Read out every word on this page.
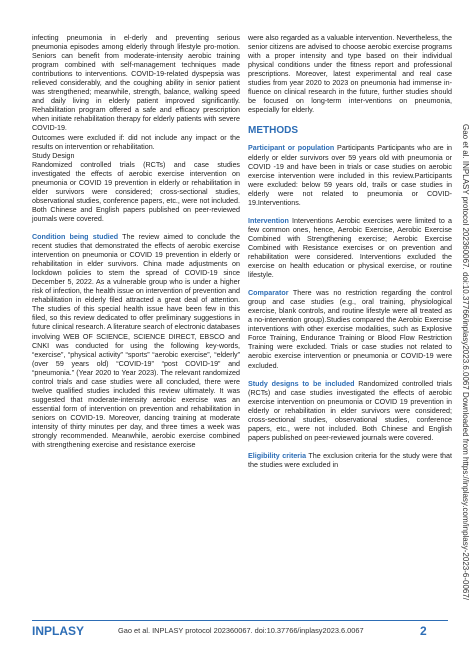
infecting pneumonia in el-derly and preventing serious pneumonia episodes among elderly through lifestyle pro-motion. Seniors can benefit from moderate-intensity aerobic training program combined with self-management techniques made contributions to interventions. COVID-19-related dyspepsia was relieved considerably, and the coughing ability in senior patient was strengthened; meanwhile, strength, balance, walking speed and daily living in elderly patient improved significantly. Rehabilitation program offered a safe and efficacy prescription when initiate rehabilitation therapy for elderly patients with severe COVID-19.

Outcomes were excluded if: did not include any impact or the results on intervention or rehabilitation.

Study Design

Randomized controlled trials (RCTs) and case studies investigated the effects of aerobic exercise intervention on pneumonia or COVID 19 prevention in elderly or rehabilitation in elder survivors were considered; cross-sectional studies, observational studies, conference papers, etc., were not included. Both Chinese and English papers published on peer-reviewed journals were covered.

Condition being studied The review aimed to conclude the recent studies that demonstrated the effects of aerobic exercise intervention on pneumonia or COVID 19 prevention in elderly or rehabilitation in elder survivors. China made adjustments on lockdown policies to stem the spread of COVID-19 since December 5, 2022. As a vulnerable group who is under a higher risk of infection, the health issue on intervention of prevention and rehabilitation in elderly filed attracted a great deal of attention. The studies of this special health issue have been few in this filed, so this review dedicated to offer preliminary suggestions in future clinical research. A literature search of electronic databases involving WEB OF SCIENCE, SCIENCE DIRECT, EBSCO and CNKI was conducted for using the following key-words, “exercise”, “physical activity” “sports” “aerobic exercise”, “elderly” (over 59 years old) “COVID-19” “post COVID-19” and “pneumonia.” (Year 2020 to Year 2023). The relevant randomized control trials and case studies were all concluded, there were twelve qualified studies included this review ultimately. It was suggested that moderate-intensity aerobic exercise was an essential form of intervention on prevention and rehabilitation in seniors on COVID-19. Moreover, dancing training at moderate intensity of thirty minutes per day, and three times a week was strongly recommended. Meanwhile, aerobic exercise combined with strengthening exercise and resistance exercise

were also regarded as a valuable intervention. Nevertheless, the senior citizens are advised to choose aerobic exercise programs with a proper intensity and type based on their individual physical conditions under the fitness report and professional prescriptions. Moreover, latest experimental and real case studies from year 2020 to 2023 on pneumonia had immense in-fluence on clinical research in the future, further studies should be focused on long-term inter-ventions on pneumonia, especially for elderly.

METHODS

Participant or population Participants Participants who are in elderly or elder survivors over 59 years old with pneumonia or COVID -19 and have been in trials or case studies on aerobic exercise intervention were included in this review.Participants were excluded: below 59 years old, trails or case studies in elderly were not related to pneumonia or COVID-19.Interventions.

Intervention Interventions Aerobic exercises were limited to a few common ones, hence, Aerobic Exercise, Aerobic Exercise Combined with Strengthening exercise; Aerobic Exercise Combined with Resistance exercises or on prevention and rehabilitation were considered. Interventions excluded the exercise on health education or physical exercise, or routine lifestyle.

Comparator There was no restriction regarding the control group and case studies (e.g., oral training, physiological exercise, blank controls, and routine lifestyle were all treated as a no-intervention group).Studies compared the Aerobic Exercise interventions with other exercise modalities, such as Explosive Force Training, Endurance Training or Blood Flow Restriction Training were excluded. Trials or case studies not related to aerobic exercise intervention or pneumonia or COVID-19 were excluded.

Study designs to be included Randomized controlled trials (RCTs) and case studies investigated the effects of aerobic exercise intervention on pneumonia or COVID 19 prevention in elderly or rehabilitation in elder survivors were considered; cross-sectional studies, observational studies, conference papers, etc., were not included. Both Chinese and English papers published on peer-reviewed journals were covered.

Eligibility criteria The exclusion criteria for the study were that the studies were excluded in	Gao et al. INPLASY protocol 202360067. doi:10.37766/inplasy2023.6.0067 Downloaded from https://inplasy.com/inplasy-2023-6-0067/
INPLASY	Gao et al. INPLASY protocol 202360067. doi:10.37766/inplasy2023.6.0067	2
